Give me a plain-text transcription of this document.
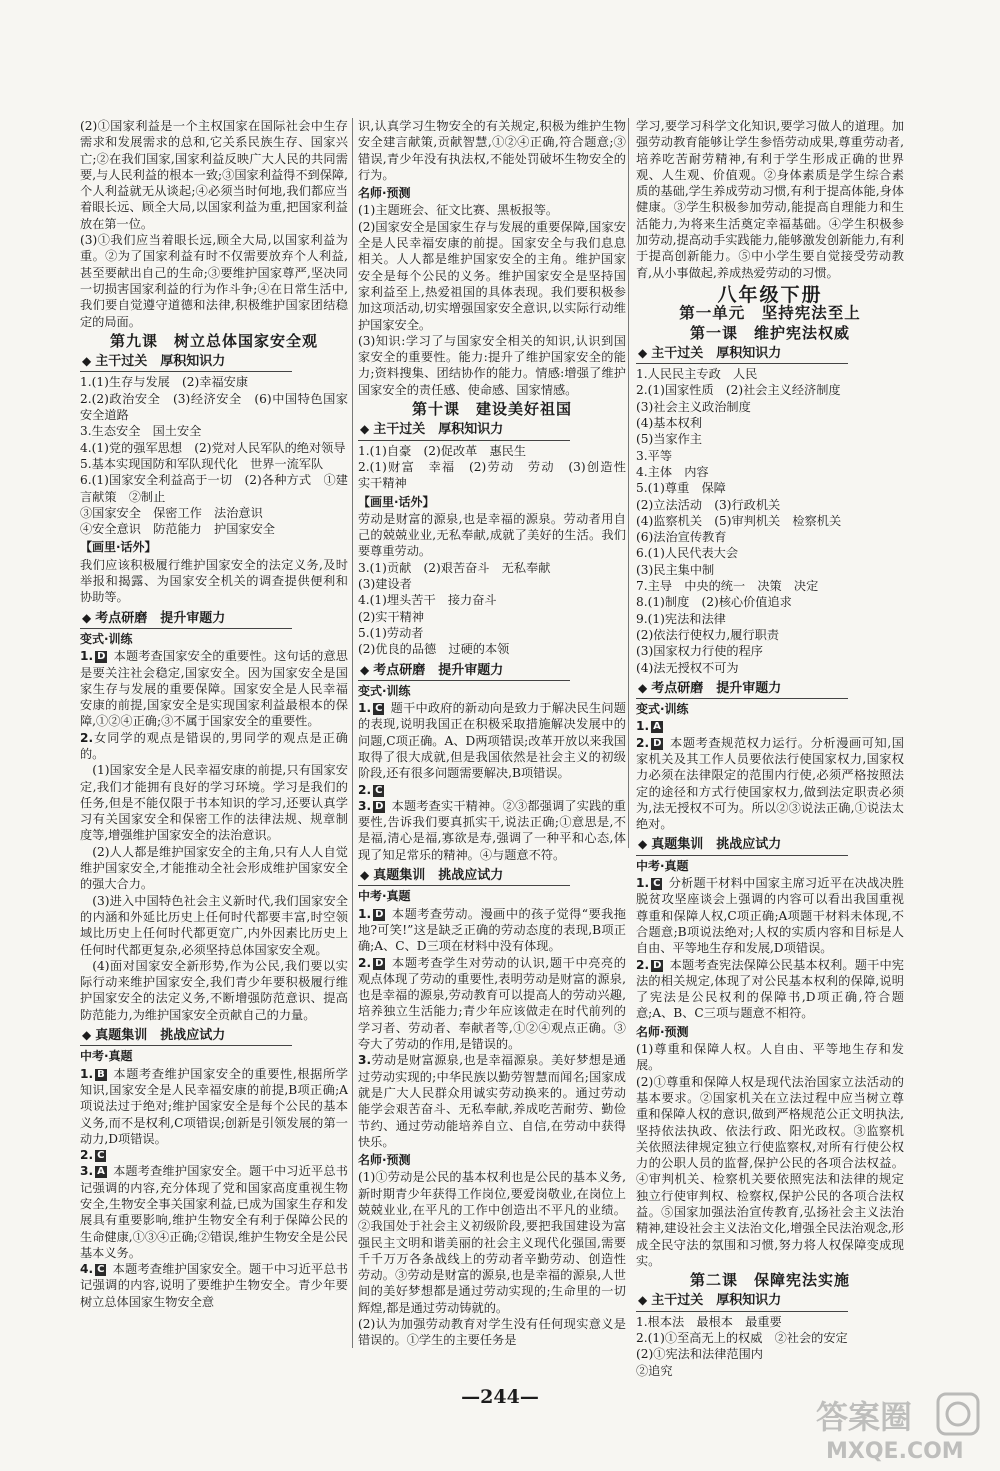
(2)①国家利益是一个主权国家在国际社会中生存需求和发展需求的总和,它关系民族生存、国家兴亡;②在我们国家,国家利益反映广大人民的共同需要,与人民利益的根本一致;③国家利益得不到保障,个人利益就无从谈起;④必须当时何地,我们都应当着眼长远、顾全大局,以国家利益为重,把国家利益放在第一位。

(3)①我们应当着眼长远,顾全大局,以国家利益为重。②为了国家利益有时不仅需要放弃个人利益,甚至要献出自己的生命;③要维护国家尊严,坚决同一切损害国家利益的行为作斗争;④在日常生活中,我们要自觉遵守道德和法律,积极维护国家团结稳定的局面。

第九课　树立总体国家安全观
◆ 主干过关　厚积知识力

1.(1)生存与发展　(2)幸福安康

2.(2)政治安全　(3)经济安全　(6)中国特色国家安全道路

3.生态安全　国土安全

4.(1)党的强军思想　(2)党对人民军队的绝对领导

5.基本实现国防和军队现代化　世界一流军队

6.(1)国家安全利益高于一切　(2)各种方式　①建言献策　②制止

③国家安全　保密工作　法治意识

④安全意识　防范能力　护国家安全

【画里·话外】

我们应该积极履行维护国家安全的法定义务,及时举报和揭露、为国家安全机关的调查提供便利和协助等。

◆ 考点研磨　提升审题力
变式·训练

1. D 本题考查国家安全的重要性。这句话的意思是要关注社会稳定,国家安全。因为国家安全是国家生存与发展的重要保障。国家安全是人民幸福安康的前提,国家安全是实现国家利益最根本的保障,①②④正确;③不属于国家安全的重要性。

2.女同学的观点是错误的,男同学的观点是正确的。

(1)国家安全是人民幸福安康的前提,只有国家安定,我们才能拥有良好的学习环境。学习是我们的任务,但是不能仅限于书本知识的学习,还要认真学习有关国家安全和保密工作的法律法规、规章制度等,增强维护国家安全的法治意识。

(2)人人都是维护国家安全的主角,只有人人自觉维护国家安全,才能推动全社会形成维护国家安全的强大合力。

(3)进入中国特色社会主义新时代,我们国家安全的内涵和外延比历史上任何时代都要丰富,时空领域比历史上任何时代都更宽广,内外因素比历史上任何时代都更复杂,必须坚持总体国家安全观。

(4)面对国家安全新形势,作为公民,我们要以实际行动来维护国家安全,我们青少年要积极履行维护国家安全的法定义务,不断增强防范意识、提高防范能力,为维护国家安全贡献自己的力量。

◆ 真题集训　挑战应试力
中考·真题

1. B 本题考查维护国家安全的重要性,根据所学知识,国家安全是人民幸福安康的前提,B项正确;A项说法过于绝对;维护国家安全是每个公民的基本义务,而不是权利,C项错误;创新是引领发展的第一动力,D项错误。

2. C

3. A 本题考查维护国家安全。题干中习近平总书记强调的内容,充分体现了党和国家高度重视生物安全,生物安全事关国家利益,已成为国家生存和发展具有重要影响,维护生物安全有利于保障公民的生命健康,①③④正确;②错误,维护生物安全是公民基本义务。

4. C 本题考查维护国家安全。题干中习近平总书记强调的内容,说明了要维护生物安全。青少年要树立总体国家生物安全意

识,认真学习生物安全的有关规定,积极为维护生物安全建言献策,贡献智慧,①②④正确,符合题意;③错误,青少年没有执法权,不能处罚破坏生物安全的行为。

名师·预测

(1)主题班会、征文比赛、黑板报等。

(2)国家安全是国家生存与发展的重要保障,国家安全是人民幸福安康的前提。国家安全与我们息息相关。人人都是维护国家安全的主角。维护国家安全是每个公民的义务。维护国家安全是坚持国家利益至上,热爱祖国的具体表现。我们要积极参加这项活动,切实增强国家安全意识,以实际行动维护国家安全。

(3)知识:学习了与国家安全相关的知识,认识到国家安全的重要性。能力:提升了维护国家安全的能力;资料搜集、团结协作的能力。情感:增强了维护国家安全的责任感、使命感、国家情感。

第十课　建设美好祖国
◆ 主干过关　厚积知识力

1.(1)自豪　(2)促改革　惠民生

2.(1)财富　幸福　(2)劳动　劳动　(3)创造性　实干精神

【画里·话外】

劳动是财富的源泉,也是幸福的源泉。劳动者用自己的兢兢业业,无私奉献,成就了美好的生活。我们要尊重劳动。

3.(1)贡献　(2)艰苦奋斗　无私奉献

(3)建设者

4.(1)埋头苦干　接力奋斗

(2)实干精神

5.(1)劳动者

(2)优良的品德　过硬的本领

◆ 考点研磨　提升审题力
变式·训练

1. C 题干中政府的新动向是致力于解决民生问题的表现,说明我国正在积极采取措施解决发展中的问题,C项正确。A、D两项错误;改革开放以来我国取得了很大成就,但是我国依然是社会主义的初级阶段,还有很多问题需要解决,B项错误。

2. C

3. D 本题考查实干精神。②③都强调了实践的重要性,告诉我们要真抓实干,说法正确;①意思是,不是福,清心是福,寡欲是寿,强调了一种平和心态,体现了知足常乐的精神。④与题意不符。

◆ 真题集训　挑战应试力
中考·真题

1. D 本题考查劳动。漫画中的孩子觉得“要我拖地?可笑!”这是缺乏正确的劳动态度的表现,B项正确;A、C、D三项在材料中没有体现。

2. D 本题考查学生对劳动的认识,题干中亮亮的观点体现了劳动的重要性,表明劳动是财富的源泉,也是幸福的源泉,劳动教育可以提高人的劳动兴趣,培养独立生活能力;青少年应该做走在时代前列的学习者、劳动者、奉献者等,①②④观点正确。③夸大了劳动的作用,是错误的。

3.劳动是财富源泉,也是幸福源泉。美好梦想是通过劳动实现的;中华民族以勤劳智慧而闻名;国家成就是广大人民群众用诚实劳动换来的。通过劳动能学会艰苦奋斗、无私奉献,养成吃苦耐劳、勤俭节约、通过劳动能培养自立、自信,在劳动中获得快乐。

名师·预测

(1)①劳动是公民的基本权利也是公民的基本义务,新时期青少年获得工作岗位,要爱岗敬业,在岗位上兢兢业业,在平凡的工作中创造出不平凡的业绩。②我国处于社会主义初级阶段,要把我国建设为富强民主文明和谐美丽的社会主义现代化强国,需要千千万万各条战线上的劳动者辛勤劳动、创造性劳动。③劳动是财富的源泉,也是幸福的源泉,人世间的美好梦想都是通过劳动实现的;生命里的一切辉煌,都是通过劳动铸就的。

(2)认为加强劳动教育对学生没有任何现实意义是错误的。①学生的主要任务是

学习,要学习科学文化知识,要学习做人的道理。加强劳动教育能够让学生参悟劳动成果,尊重劳动者,培养吃苦耐劳精神,有利于学生形成正确的世界观、人生观、价值观。②身体素质是学生综合素质的基础,学生养成劳动习惯,有利于提高体能,身体健康。③学生积极参加劳动,能提高自理能力和生活能力,为将来生活奠定幸福基础。④学生积极参加劳动,提高动手实践能力,能够激发创新能力,有利于提高创新能力。⑤中小学生要自觉接受劳动教育,从小事做起,养成热爱劳动的习惯。

八年级下册
第一单元　坚持宪法至上
第一课　维护宪法权威
◆ 主干过关　厚积知识力

1.人民民主专政　人民

2.(1)国家性质　(2)社会主义经济制度

(3)社会主义政治制度

(4)基本权利

(5)当家作主

3.平等

4.主体　内容

5.(1)尊重　保障

(2)立法活动　(3)行政机关

(4)监察机关　(5)审判机关　检察机关

(6)法治宣传教育

6.(1)人民代表大会

(3)民主集中制

7.主导　中央的统一　决策　决定

8.(1)制度　(2)核心价值追求

9.(1)宪法和法律

(2)依法行使权力,履行职责

(3)国家权力行使的程序

(4)法无授权不可为

◆ 考点研磨　提升审题力
变式·训练

1. A

2. D 本题考查规范权力运行。分析漫画可知,国家机关及其工作人员要依法行使国家权力,国家权力必须在法律限定的范围内行使,必须严格按照法定的途径和方式行使国家权力,做到法定职责必须为,法无授权不可为。所以②③说法正确,①说法太绝对。

◆ 真题集训　挑战应试力
中考·真题

1. C 分析题干材料中国家主席习近平在决战决胜脱贫攻坚座谈会上强调的内容可以看出我国重视尊重和保障人权,C项正确;A项题干材料未体现,不合题意;B项说法绝对;人权的实质内容和目标是人自由、平等地生存和发展,D项错误。

2. D 本题考查宪法保障公民基本权利。题干中宪法的相关规定,体现了对公民基本权利的保障,说明了宪法是公民权利的保障书,D项正确,符合题意;A、B、C三项与题意不相符。

名师·预测

(1)尊重和保障人权。人自由、平等地生存和发展。

(2)①尊重和保障人权是现代法治国家立法活动的基本要求。②国家机关在立法过程中应当树立尊重和保障人权的意识,做到严格规范公正文明执法,坚持依法执政、依法行政、阳光政权。③监察机关依照法律规定独立行使监察权,对所有行使公权力的公职人员的监督,保护公民的各项合法权益。④审判机关、检察机关要依照宪法和法律的规定独立行使审判权、检察权,保护公民的各项合法权益。⑤国家加强法治宣传教育,弘扬社会主义法治精神,建设社会主义法治文化,增强全民法治观念,形成全民守法的氛围和习惯,努力将人权保障变成现实。

第二课　保障宪法实施
◆ 主干过关　厚积知识力

1.根本法　最根本　最重要

2.(1)①至高无上的权威　②社会的安定

(2)①宪法和法律范围内

②追究

—244—
答案圈
MXQE.COM
